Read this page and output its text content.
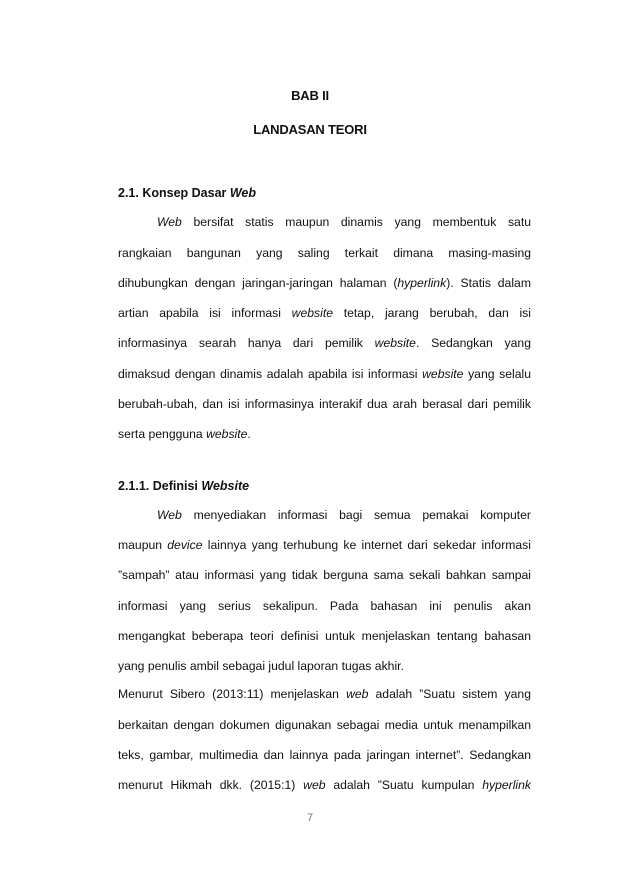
BAB II
LANDASAN TEORI
2.1. Konsep Dasar Web
Web bersifat statis maupun dinamis yang membentuk satu
rangkaian bangunan yang saling terkait dimana masing-masing
dihubungkan dengan jaringan-jaringan halaman (hyperlink). Statis dalam
artian apabila isi informasi website tetap, jarang berubah, dan isi
informasinya searah hanya dari pemilik website. Sedangkan yang
dimaksud dengan dinamis adalah apabila isi informasi website yang selalu
berubah-ubah, dan isi informasinya interakif dua arah berasal dari pemilik
serta pengguna website.
2.1.1. Definisi Website
Web menyediakan informasi bagi semua pemakai komputer
maupun device lainnya yang terhubung ke internet dari sekedar informasi
”sampah” atau informasi yang tidak berguna sama sekali bahkan sampai
informasi yang serius sekalipun. Pada bahasan ini penulis akan
mengangkat beberapa teori definisi untuk menjelaskan tentang bahasan
yang penulis ambil sebagai judul laporan tugas akhir.
Menurut Sibero (2013:11) menjelaskan web adalah ”Suatu sistem yang
berkaitan dengan dokumen digunakan sebagai media untuk menampilkan
teks, gambar, multimedia dan lainnya pada jaringan internet”. Sedangkan
menurut Hikmah dkk. (2015:1) web adalah ”Suatu kumpulan hyperlink
7
